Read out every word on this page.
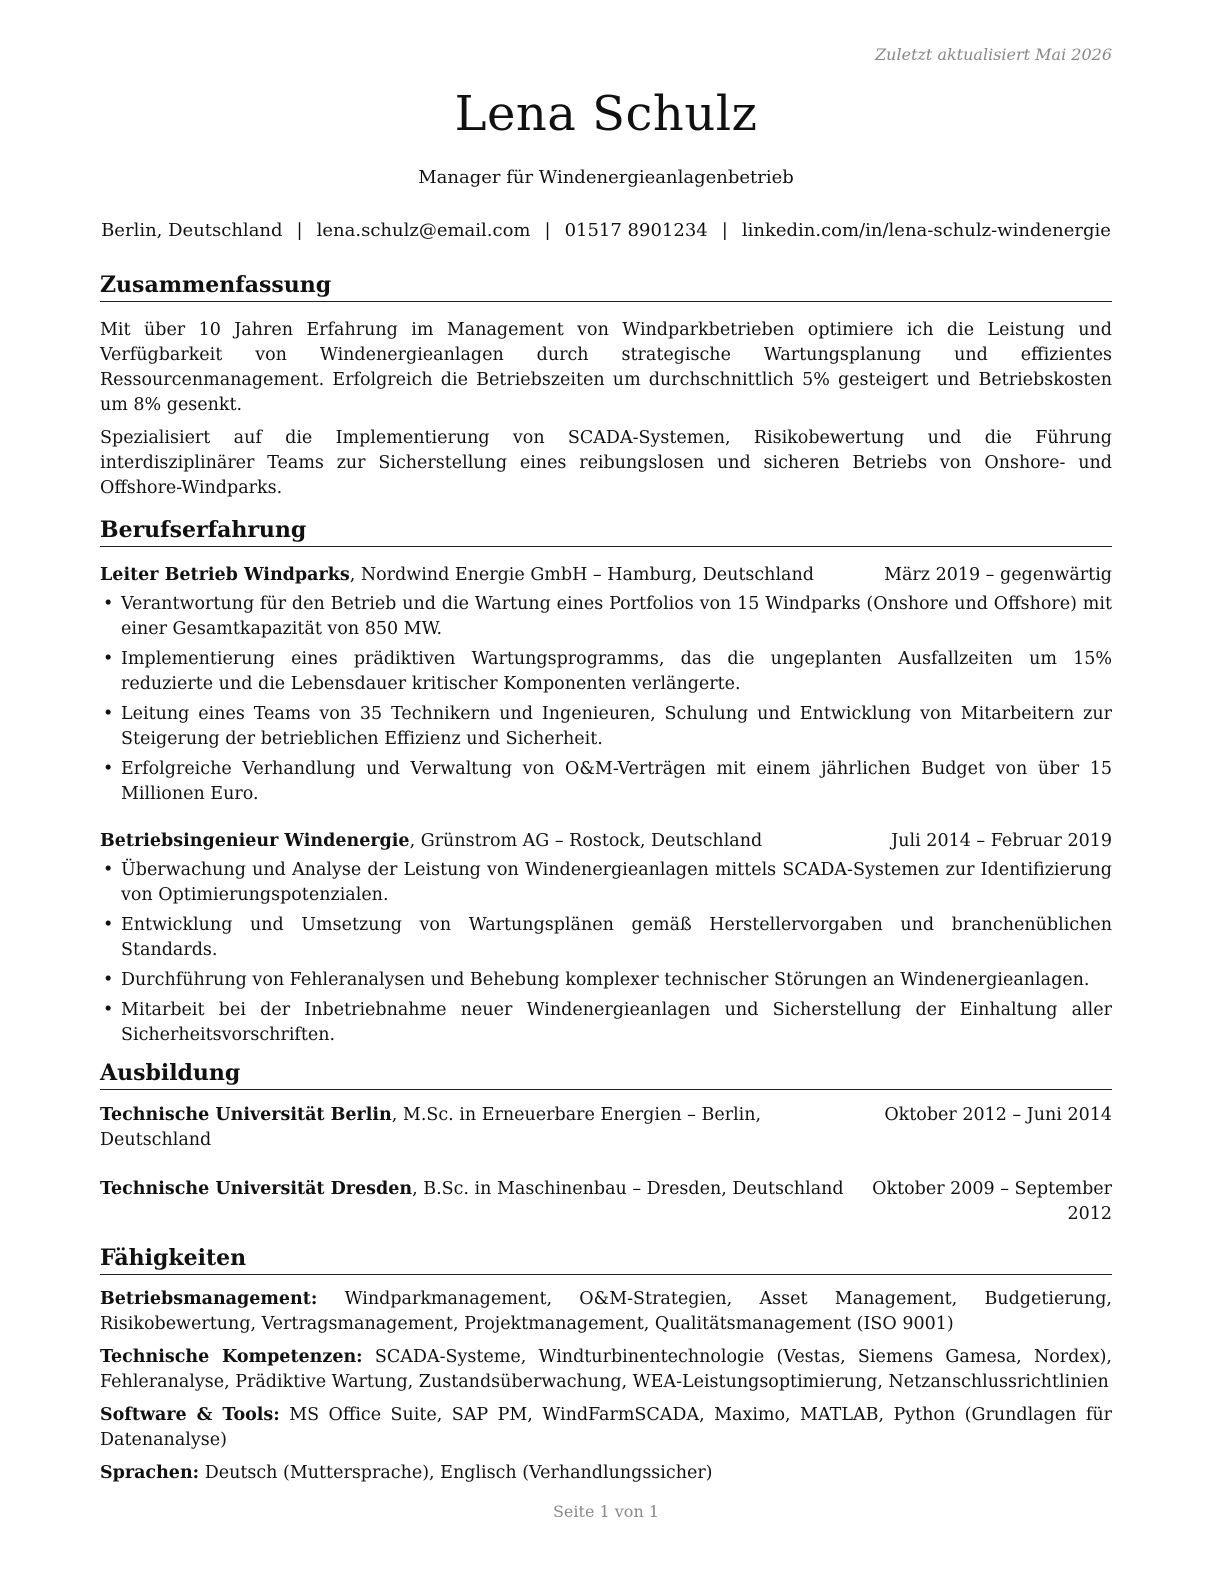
Zuletzt aktualisiert Mai 2026
Lena Schulz
Manager für Windenergieanlagenbetrieb
Berlin, Deutschland | lena.schulz@email.com | 01517 8901234 | linkedin.com/in/lena-schulz-windenergie
Zusammenfassung

Mit über 10 Jahren Erfahrung im Management von Windparkbetrieben optimiere ich die Leistung und Verfügbarkeit von Windenergieanlagen durch strategische Wartungsplanung und effizientes Ressourcenmanagement. Erfolgreich die Betriebszeiten um durchschnittlich 5% gesteigert und Betriebskosten um 8% gesenkt.

Spezialisiert auf die Implementierung von SCADA-Systemen, Risikobewertung und die Führung interdisziplinärer Teams zur Sicherstellung eines reibungslosen und sicheren Betriebs von Onshore- und Offshore-Windparks.

Berufserfahrung
Leiter Betrieb Windparks, Nordwind Energie GmbH – Hamburg, Deutschland	März 2019 – gegenwärtig
• Verantwortung für den Betrieb und die Wartung eines Portfolios von 15 Windparks (Onshore und Offshore) mit einer Gesamtkapazität von 850 MW.
• Implementierung eines prädiktiven Wartungsprogramms, das die ungeplanten Ausfallzeiten um 15% reduzierte und die Lebensdauer kritischer Komponenten verlängerte.
• Leitung eines Teams von 35 Technikern und Ingenieuren, Schulung und Entwicklung von Mitarbeitern zur Steigerung der betrieblichen Effizienz und Sicherheit.
• Erfolgreiche Verhandlung und Verwaltung von O&M-Verträgen mit einem jährlichen Budget von über 15 Millionen Euro.
Betriebsingenieur Windenergie, Grünstrom AG – Rostock, Deutschland	Juli 2014 – Februar 2019
• Überwachung und Analyse der Leistung von Windenergieanlagen mittels SCADA-Systemen zur Identifizierung von Optimierungspotenzialen.
• Entwicklung und Umsetzung von Wartungsplänen gemäß Herstellervorgaben und branchenüblichen Standards.
• Durchführung von Fehleranalysen und Behebung komplexer technischer Störungen an Windenergieanlagen.
• Mitarbeit bei der Inbetriebnahme neuer Windenergieanlagen und Sicherstellung der Einhaltung aller Sicherheitsvorschriften.
Ausbildung
Technische Universität Berlin, M.Sc. in Erneuerbare Energien – Berlin, Deutschland
Oktober 2012 – Juni 2014
Technische Universität Dresden, B.Sc. in Maschinenbau – Dresden, Deutschland	Oktober 2009 – September 2012
Fähigkeiten

Betriebsmanagement: Windparkmanagement, O&M-Strategien, Asset Management, Budgetierung, Risikobewertung, Vertragsmanagement, Projektmanagement, Qualitätsmanagement (ISO 9001)

Technische Kompetenzen: SCADA-Systeme, Windturbinentechnologie (Vestas, Siemens Gamesa, Nordex), Fehleranalyse, Prädiktive Wartung, Zustandsüberwachung, WEA-Leistungsoptimierung, Netzanschlussrichtlinien

Software & Tools: MS Office Suite, SAP PM, WindFarmSCADA, Maximo, MATLAB, Python (Grundlagen für Datenanalyse)

Sprachen: Deutsch (Muttersprache), Englisch (Verhandlungssicher)

Seite 1 von 1
